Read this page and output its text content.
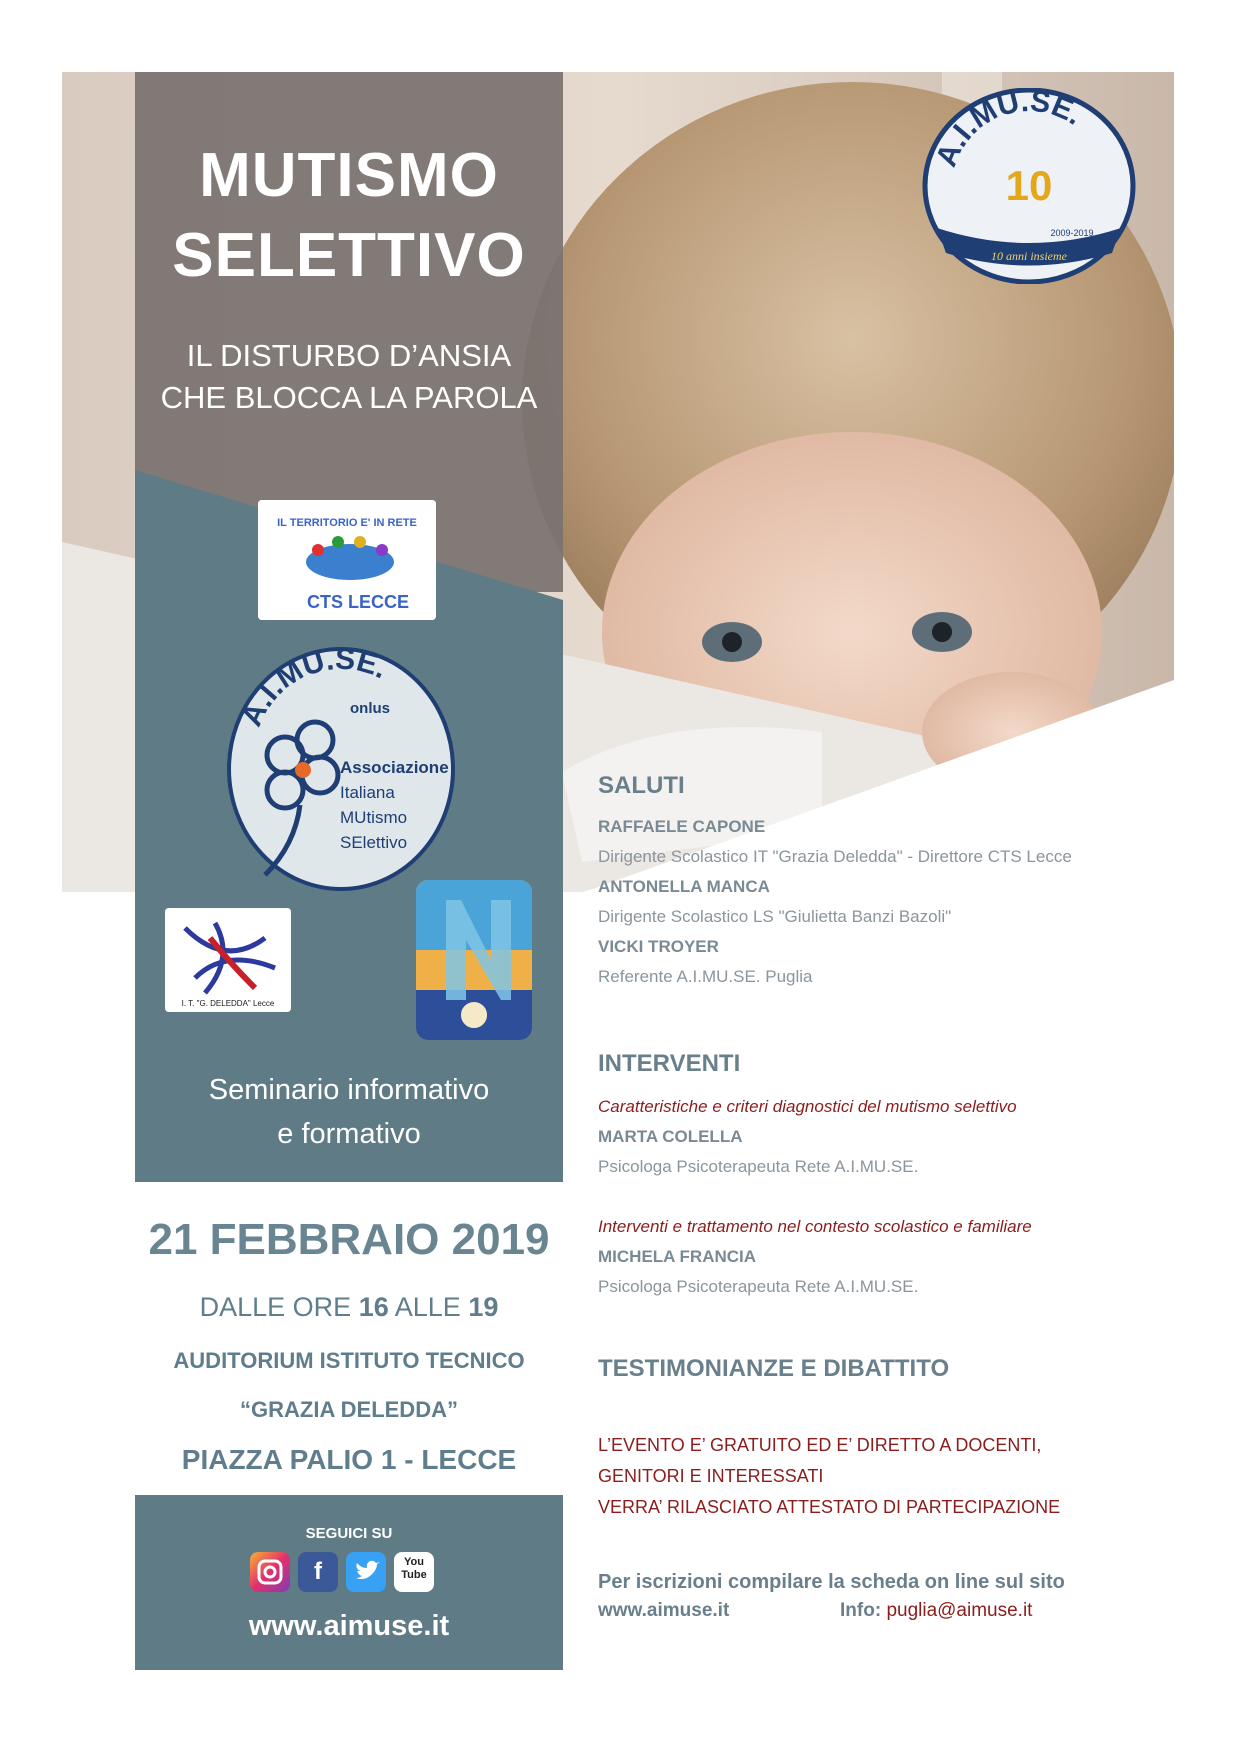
MUTISMO
SELETTIVO
IL DISTURBO D’ANSIA
CHE BLOCCA LA PAROLA
A.I.MU.SE.
10
2009-2019
10 anni insieme
IL TERRITORIO E' IN RETE
CTS LECCE
A.I.MU.SE.
onlus
Associazione
Italiana
MUtismo
SElettivo
I. T. "G. DELEDDA" Lecce
Seminario informativo
e formativo
21 FEBBRAIO 2019
DALLE ORE 16 ALLE 19
AUDITORIUM ISTITUTO TECNICO
“GRAZIA DELEDDA”
PIAZZA PALIO 1 - LECCE
SEGUICI SU
f	You Tube
www.aimuse.it
SALUTI
RAFFAELE CAPONE
Dirigente Scolastico IT "Grazia Deledda" - Direttore CTS Lecce
ANTONELLA MANCA
Dirigente Scolastico LS "Giulietta Banzi Bazoli"
VICKI TROYER
Referente A.I.MU.SE. Puglia
INTERVENTI
Caratteristiche e criteri diagnostici del mutismo selettivo
MARTA COLELLA
Psicologa Psicoterapeuta Rete A.I.MU.SE.
Interventi e trattamento nel contesto scolastico e familiare
MICHELA FRANCIA
Psicologa Psicoterapeuta Rete A.I.MU.SE.
TESTIMONIANZE E DIBATTITO
L’EVENTO E’ GRATUITO ED E’ DIRETTO A DOCENTI,
GENITORI E INTERESSATI
VERRA’ RILASCIATO ATTESTATO DI PARTECIPAZIONE
Per iscrizioni compilare la scheda on line sul sito
www.aimuse.it	Info: puglia@aimuse.it
